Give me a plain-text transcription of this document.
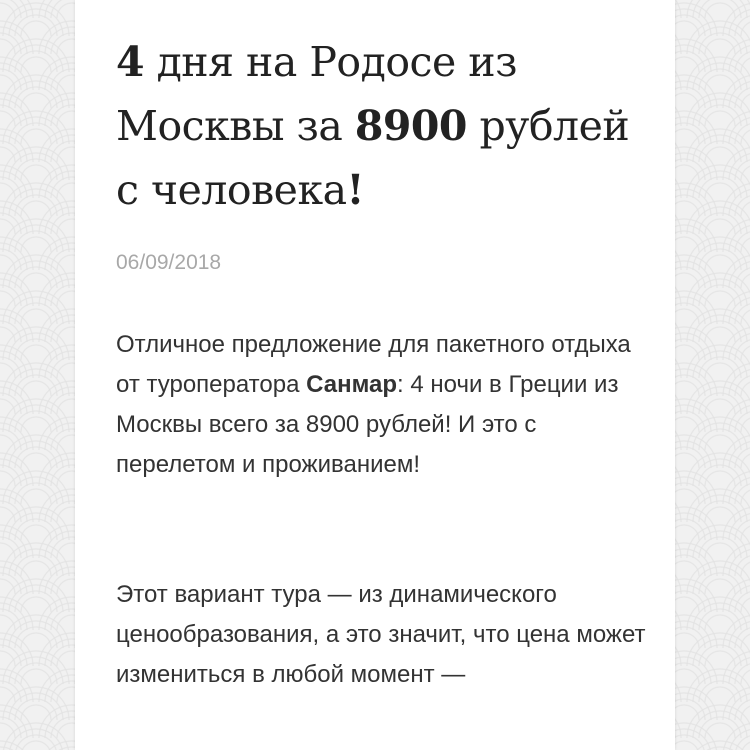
4 дня на Родосе из Москвы за 8900 рублей с человека!
06/09/2018

Отличное предложение для пакетного отдыха от туроператора Санмар: 4 ночи в Греции из Москвы всего за 8900 рублей! И это с перелетом и проживанием!

Этот вариант тура — из динамического ценообразования, а это значит, что цена может измениться в любой момент —
